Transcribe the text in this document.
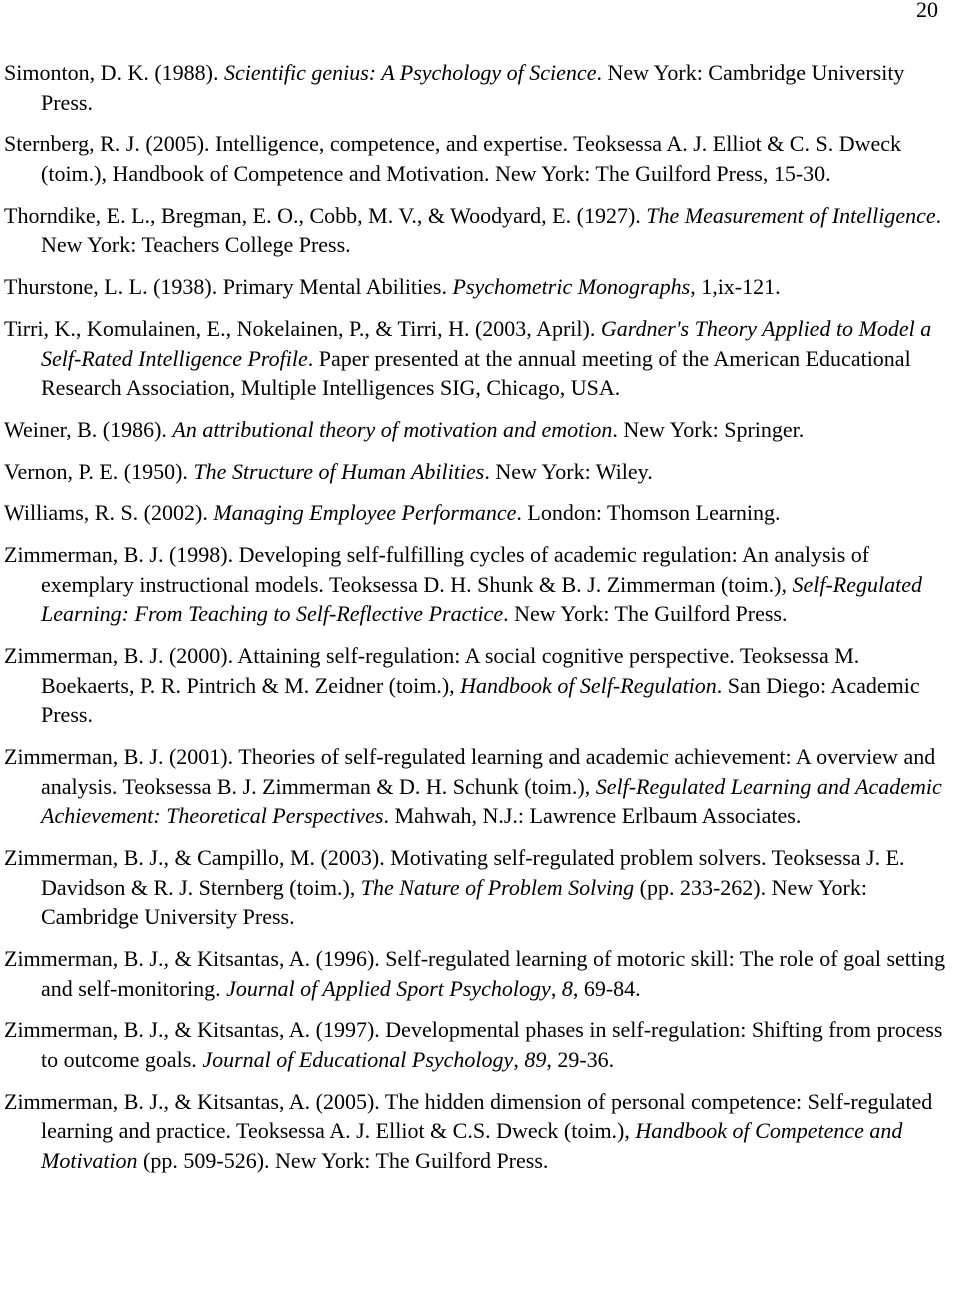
20
Simonton, D. K. (1988). Scientific genius: A Psychology of Science. New York: Cambridge University Press.
Sternberg, R. J. (2005). Intelligence, competence, and expertise. Teoksessa A. J. Elliot & C. S. Dweck (toim.), Handbook of Competence and Motivation. New York: The Guilford Press, 15-30.
Thorndike, E. L., Bregman, E. O., Cobb, M. V., & Woodyard, E. (1927). The Measurement of Intelligence. New York: Teachers College Press.
Thurstone, L. L. (1938). Primary Mental Abilities. Psychometric Monographs, 1,ix-121.
Tirri, K., Komulainen, E., Nokelainen, P., & Tirri, H. (2003, April). Gardner's Theory Applied to Model a Self-Rated Intelligence Profile. Paper presented at the annual meeting of the American Educational Research Association, Multiple Intelligences SIG, Chicago, USA.
Weiner, B. (1986). An attributional theory of motivation and emotion. New York: Springer.
Vernon, P. E. (1950). The Structure of Human Abilities. New York: Wiley.
Williams, R. S. (2002). Managing Employee Performance. London: Thomson Learning.
Zimmerman, B. J. (1998). Developing self-fulfilling cycles of academic regulation: An analysis of exemplary instructional models. Teoksessa D. H. Shunk & B. J. Zimmerman (toim.), Self-Regulated Learning: From Teaching to Self-Reflective Practice. New York: The Guilford Press.
Zimmerman, B. J. (2000). Attaining self-regulation: A social cognitive perspective. Teoksessa M. Boekaerts, P. R. Pintrich & M. Zeidner (toim.), Handbook of Self-Regulation. San Diego: Academic Press.
Zimmerman, B. J. (2001). Theories of self-regulated learning and academic achievement: A overview and analysis. Teoksessa B. J. Zimmerman & D. H. Schunk (toim.), Self-Regulated Learning and Academic Achievement: Theoretical Perspectives. Mahwah, N.J.: Lawrence Erlbaum Associates.
Zimmerman, B. J., & Campillo, M. (2003). Motivating self-regulated problem solvers. Teoksessa J. E. Davidson & R. J. Sternberg (toim.), The Nature of Problem Solving (pp. 233-262). New York: Cambridge University Press.
Zimmerman, B. J., & Kitsantas, A. (1996). Self-regulated learning of motoric skill: The role of goal setting and self-monitoring. Journal of Applied Sport Psychology, 8, 69-84.
Zimmerman, B. J., & Kitsantas, A. (1997). Developmental phases in self-regulation: Shifting from process to outcome goals. Journal of Educational Psychology, 89, 29-36.
Zimmerman, B. J., & Kitsantas, A. (2005). The hidden dimension of personal competence: Self-regulated learning and practice. Teoksessa A. J. Elliot & C.S. Dweck (toim.), Handbook of Competence and Motivation (pp. 509-526). New York: The Guilford Press.
